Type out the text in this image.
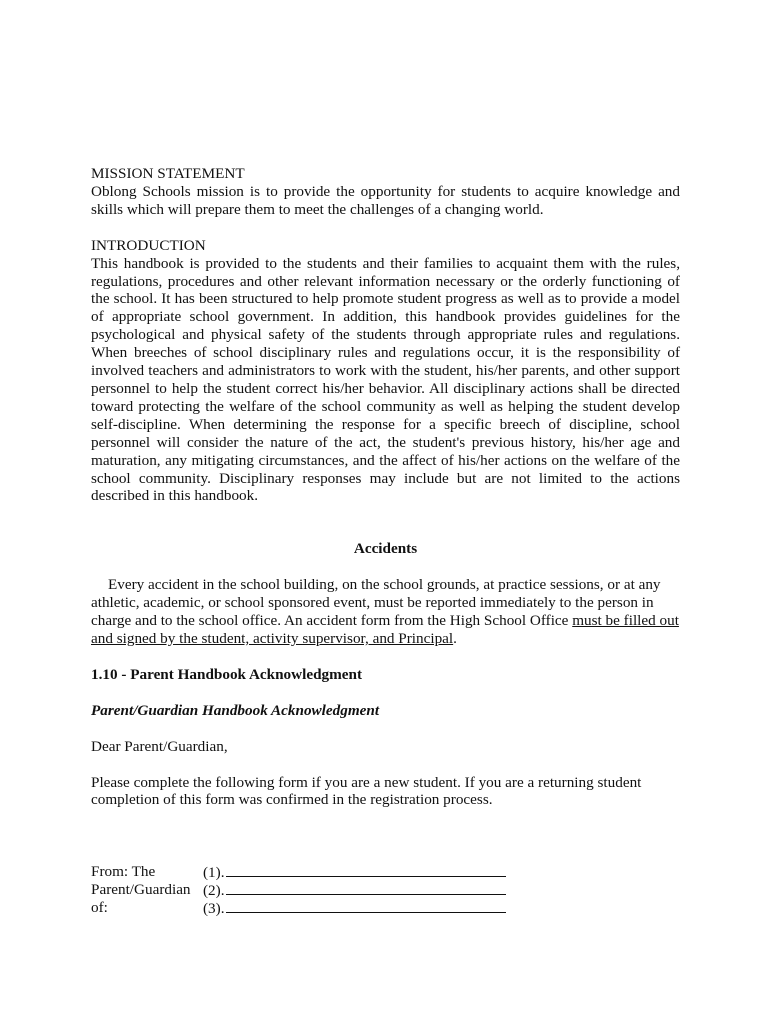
MISSION STATEMENT

Oblong Schools mission is to provide the opportunity for students to acquire knowledge and skills which will prepare them to meet the challenges of a changing world.

INTRODUCTION

This handbook is provided to the students and their families to acquaint them with the rules, regulations, procedures and other relevant information necessary or the orderly functioning of the school. It has been structured to help promote student progress as well as to provide a model of appropriate school government. In addition, this handbook provides guidelines for the psychological and physical safety of the students through appropriate rules and regulations. When breeches of school disciplinary rules and regulations occur, it is the responsibility of involved teachers and administrators to work with the student, his/her parents, and other support personnel to help the student correct his/her behavior. All disciplinary actions shall be directed toward protecting the welfare of the school community as well as helping the student develop self-discipline. When determining the response for a specific breech of discipline, school personnel will consider the nature of the act, the student's previous history, his/her age and maturation, any mitigating circumstances, and the affect of his/her actions on the welfare of the school community. Disciplinary responses may include but are not limited to the actions described in this handbook.

Accidents

Every accident in the school building, on the school grounds, at practice sessions, or at any athletic, academic, or school sponsored event, must be reported immediately to the person in charge and to the school office. An accident form from the High School Office must be filled out and signed by the student, activity supervisor, and Principal.

1.10 - Parent Handbook Acknowledgment

Parent/Guardian Handbook Acknowledgment

Dear Parent/Guardian,

Please complete the following form if you are a new student. If you are a returning student completion of this form was confirmed in the registration process.

From: The	(1).
Parent/Guardian (2).
of:	(3).
